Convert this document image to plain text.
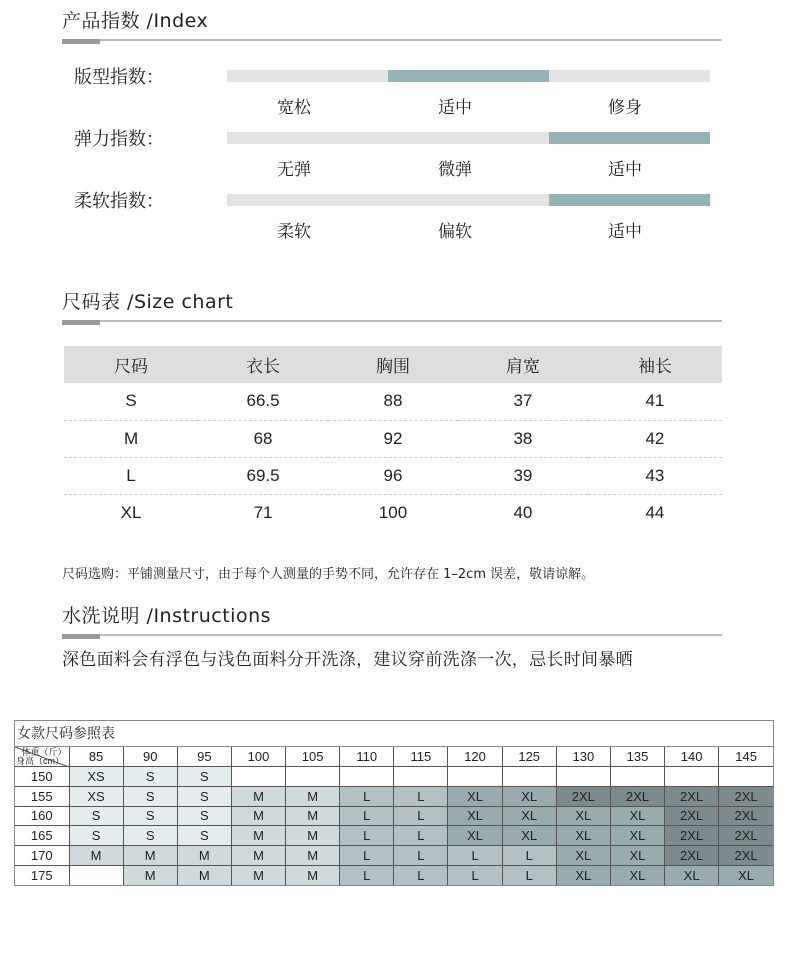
产品指数 /Index
版型指数：
宽松	适中	修身
弹力指数：
无弹	微弹	适中
柔软指数：
柔软	偏软	适中
尺码表 /Size chart
尺码	衣长	胸围	肩宽	袖长
S	66.5	88	37	41
M	68	92	38	42
L	69.5	96	39	43
XL	71	100	40	44
尺码选购：平铺测量尺寸，由于每个人测量的手势不同，允许存在 1–2cm 误差，敬请谅解。
水洗说明 /Instructions
深色面料会有浮色与浅色面料分开洗涤，建议穿前洗涤一次，忌长时间暴晒
女款尺码参照表
体重（斤）
身高（cm）	85	90	95	100	105	110	115	120	125	130	135	140	145
150	XS	S	S										
155	XS	S	S	M	M	L	L	XL	XL	2XL	2XL	2XL	2XL
160	S	S	S	M	M	L	L	XL	XL	XL	XL	2XL	2XL
165	S	S	S	M	M	L	L	XL	XL	XL	XL	2XL	2XL
170	M	M	M	M	M	L	L	L	L	XL	XL	2XL	2XL
175		M	M	M	M	L	L	L	L	XL	XL	XL	XL
